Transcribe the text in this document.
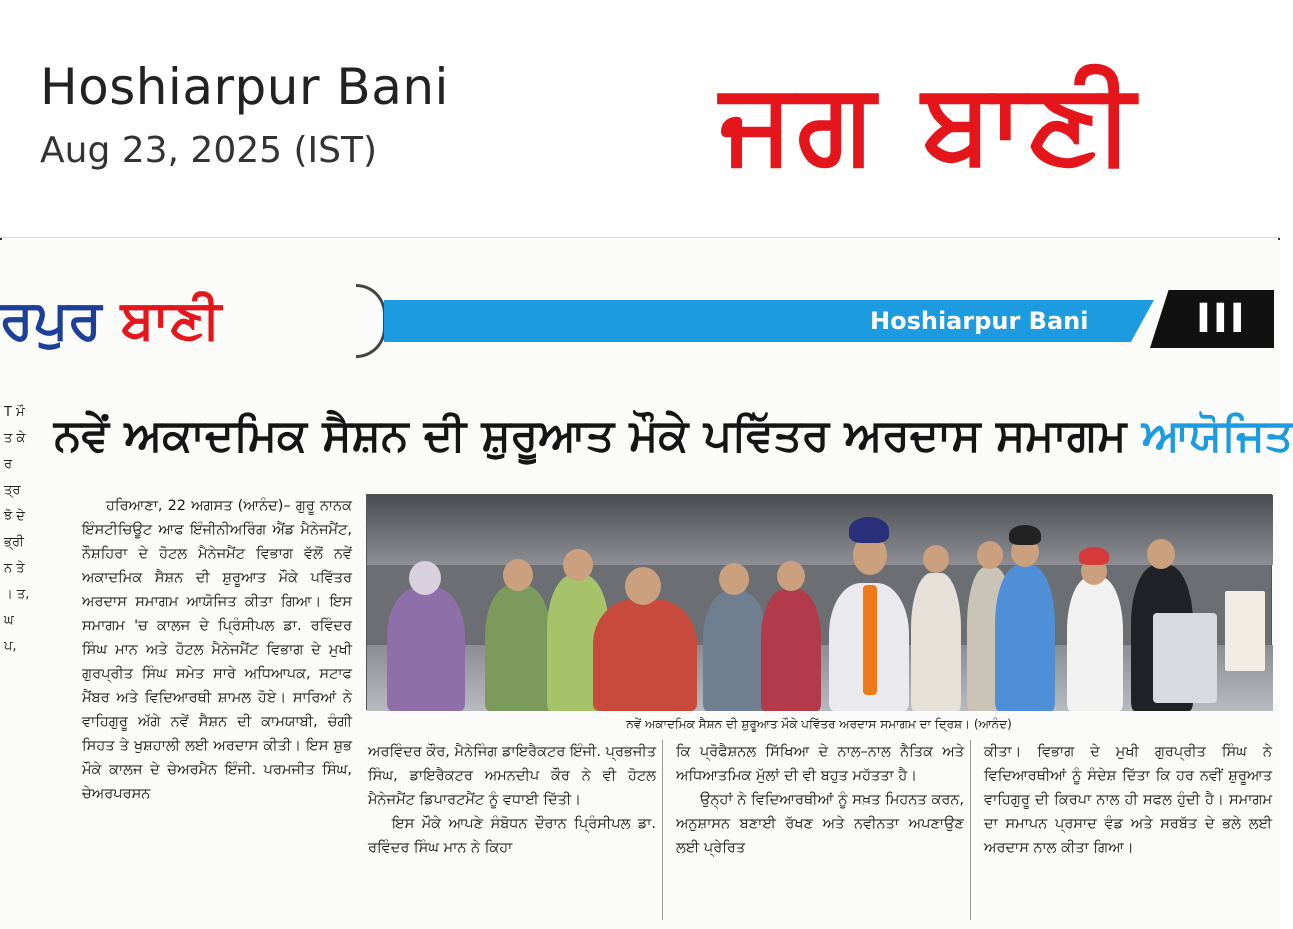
Hoshiarpur Bani
Aug 23, 2025 (IST)	ਜਗ ਬਾਣੀ
ਰਪੁਰ ਬਾਣੀ	Hoshiarpur Bani	III
T ਮੌ ਤ ਕੇ ਰ ਤ੍ਰ ਝੋ ਦੇ ਭ੍ਰੀ ਨ ਤੇ । ਤ, ਘ ਪ,
ਨਵੇਂ ਅਕਾਦਮਿਕ ਸੈਸ਼ਨ ਦੀ ਸ਼ੁਰੂਆਤ ਮੌਕੇ ਪਵਿੱਤਰ ਅਰਦਾਸ ਸਮਾਗਮ ਆਯੋਜਿਤ
ਨਵੇਂ ਅਕਾਦਮਿਕ ਸੈਸ਼ਨ ਦੀ ਸ਼ੁਰੂਆਤ ਮੌਕੇ ਪਵਿੱਤਰ ਅਰਦਾਸ ਸਮਾਗਮ ਦਾ ਦ੍ਰਿਸ਼। (ਆਨੰਦ)

ਹਰਿਆਣਾ, 22 ਅਗਸਤ (ਆਨੰਦ)– ਗੁਰੂ ਨਾਨਕ ਇੰਸਟੀਚਿਊਟ ਆਫ ਇੰਜੀਨੀਅਰਿੰਗ ਐਂਡ ਮੈਨੇਜਮੈਂਟ, ਨੌਸ਼ਹਿਰਾ ਦੇ ਹੋਟਲ ਮੈਨੇਜਮੈਂਟ ਵਿਭਾਗ ਵੱਲੋਂ ਨਵੇਂ ਅਕਾਦਮਿਕ ਸੈਸ਼ਨ ਦੀ ਸ਼ੁਰੂਆਤ ਮੌਕੇ ਪਵਿੱਤਰ ਅਰਦਾਸ ਸਮਾਗਮ ਆਯੋਜਿਤ ਕੀਤਾ ਗਿਆ। ਇਸ ਸਮਾਗਮ 'ਚ ਕਾਲਜ ਦੇ ਪ੍ਰਿੰਸੀਪਲ ਡਾ. ਰਵਿੰਦਰ ਸਿੰਘ ਮਾਨ ਅਤੇ ਹੋਟਲ ਮੈਨੇਜਮੈਂਟ ਵਿਭਾਗ ਦੇ ਮੁਖੀ ਗੁਰਪ੍ਰੀਤ ਸਿੰਘ ਸਮੇਤ ਸਾਰੇ ਅਧਿਆਪਕ, ਸਟਾਫ ਮੈਂਬਰ ਅਤੇ ਵਿਦਿਆਰਥੀ ਸ਼ਾਮਲ ਹੋਏ। ਸਾਰਿਆਂ ਨੇ ਵਾਹਿਗੁਰੂ ਅੱਗੇ ਨਵੇਂ ਸੈਸ਼ਨ ਦੀ ਕਾਮਯਾਬੀ, ਚੰਗੀ ਸਿਹਤ ਤੇ ਖੁਸ਼ਹਾਲੀ ਲਈ ਅਰਦਾਸ ਕੀਤੀ। ਇਸ ਸ਼ੁਭ ਮੌਕੇ ਕਾਲਜ ਦੇ ਚੇਅਰਮੈਨ ਇੰਜੀ. ਪਰਮਜੀਤ ਸਿੰਘ, ਚੇਅਰਪਰਸਨ

ਅਰਵਿੰਦਰ ਕੌਰ, ਮੈਨੇਜਿੰਗ ਡਾਇਰੈਕਟਰ ਇੰਜੀ. ਪ੍ਰਭਜੀਤ ਸਿੰਘ, ਡਾਇਰੈਕਟਰ ਅਮਨਦੀਪ ਕੌਰ ਨੇ ਵੀ ਹੋਟਲ ਮੈਨੇਜਮੈਂਟ ਡਿਪਾਰਟਮੈਂਟ ਨੂੰ ਵਧਾਈ ਦਿੱਤੀ।

ਇਸ ਮੌਕੇ ਆਪਣੇ ਸੰਬੋਧਨ ਦੌਰਾਨ ਪ੍ਰਿੰਸੀਪਲ ਡਾ. ਰਵਿੰਦਰ ਸਿੰਘ ਮਾਨ ਨੇ ਕਿਹਾ

ਕਿ ਪ੍ਰੋਫੈਸ਼ਨਲ ਸਿੱਖਿਆ ਦੇ ਨਾਲ–ਨਾਲ ਨੈਤਿਕ ਅਤੇ ਅਧਿਆਤਮਿਕ ਮੁੱਲਾਂ ਦੀ ਵੀ ਬਹੁਤ ਮਹੱਤਤਾ ਹੈ।

ਉਨ੍ਹਾਂ ਨੇ ਵਿਦਿਆਰਥੀਆਂ ਨੂੰ ਸਖ਼ਤ ਮਿਹਨਤ ਕਰਨ, ਅਨੁਸ਼ਾਸਨ ਬਣਾਈ ਰੱਖਣ ਅਤੇ ਨਵੀਨਤਾ ਅਪਣਾਉਣ ਲਈ ਪ੍ਰੇਰਿਤ

ਕੀਤਾ। ਵਿਭਾਗ ਦੇ ਮੁਖੀ ਗੁਰਪ੍ਰੀਤ ਸਿੰਘ ਨੇ ਵਿਦਿਆਰਥੀਆਂ ਨੂੰ ਸੰਦੇਸ਼ ਦਿੱਤਾ ਕਿ ਹਰ ਨਵੀਂ ਸ਼ੁਰੂਆਤ ਵਾਹਿਗੁਰੂ ਦੀ ਕਿਰਪਾ ਨਾਲ ਹੀ ਸਫਲ ਹੁੰਦੀ ਹੈ। ਸਮਾਗਮ ਦਾ ਸਮਾਪਨ ਪ੍ਰਸਾਦ ਵੰਡ ਅਤੇ ਸਰਬੱਤ ਦੇ ਭਲੇ ਲਈ ਅਰਦਾਸ ਨਾਲ ਕੀਤਾ ਗਿਆ।
